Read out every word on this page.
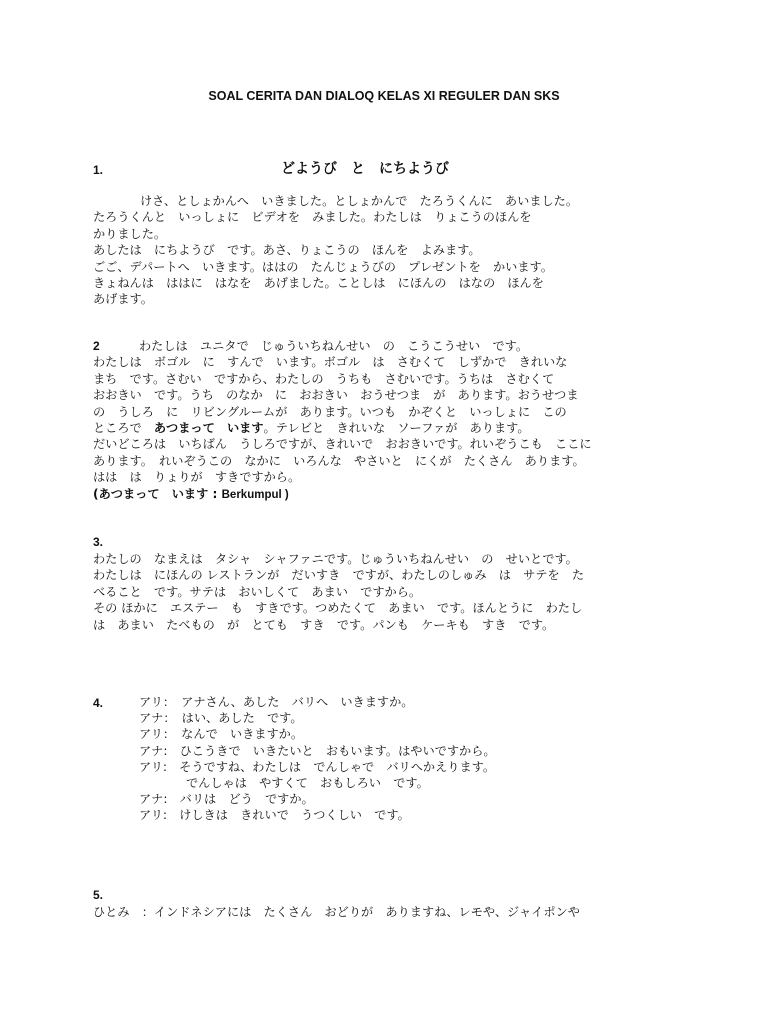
SOAL CERITA DAN DIALOQ KELAS XI REGULER DAN SKS
1.	どようび　と　にちようび
けさ、としょかんへ　いきました。としょかんで　たろうくんに　あいました。
たろうくんと　いっしょに　ビデオを　みました。わたしは　りょこうのほんを
かりました。
あしたは　にちようび　です。あさ、りょこうの　ほんを　よみます。
ごご、デパートへ　いきます。ははの　たんじょうびの　プレゼントを　かいます。
きょねんは　ははに　はなを　あげました。ことしは　にほんの　はなの　ほんを
あげます。
2	わたしは　ユニタで　じゅういちねんせい　の　こうこうせい　です。
わたしは　ボゴル　に　すんで　います。ボゴル　は　さむくて　しずかで　きれいな
まち　です。さむい　ですから、わたしの　うちも　さむいです。うちは　さむくて
おおきい　です。うち　のなか　に　おおきい　おうせつま　が　あります。おうせつま
の　うしろ　に　リビングルームが　あります。いつも　かぞくと　いっしょに　この
ところで　あつまって　います。テレビと　きれいな　ソーファが　あります。
だいどころは　いちばん　うしろですが、きれいで　おおきいです。れいぞうこも　ここに
あります。　れいぞうこの　なかに　いろんな　やさいと　にくが　たくさん　あります。
はは　は　りょりが　すきですから。
(あつまって　います : Berkumpul )
3.
わたしの　なまえは　タシャ　シャファニです。じゅういちねんせい　の　せいとです。
わたしは　にほんの レストランが　だいすき　ですが、わたしのしゅみ　は　サテを　た
べること　です。サテは　おいしくて　あまい　ですから。
その ほかに　エステー　も　すきです。つめたくて　あまい　です。ほんとうに　わたし
は　あまい　たべもの　が　とても　すき　です。パンも　ケーキも　すき　です。
4.	アリ：　アナさん、あした　バリへ　いきますか。
アナ：　はい、あした　です。
アリ：　なんで　いきますか。
アナ:　ひこうきで　いきたいと　おもいます。はやいですから。
アリ:　そうですね、わたしは　でんしゃで　バリへかえります。
でんしゃは　やすくて　おもしろい　です。
アナ:　バリは　どう　ですか。
アリ:　けしきは　きれいで　うつくしい　です。
5.
ひとみ　：インドネシアには　たくさん　おどりが　ありますね、レモや、ジャイポンや
